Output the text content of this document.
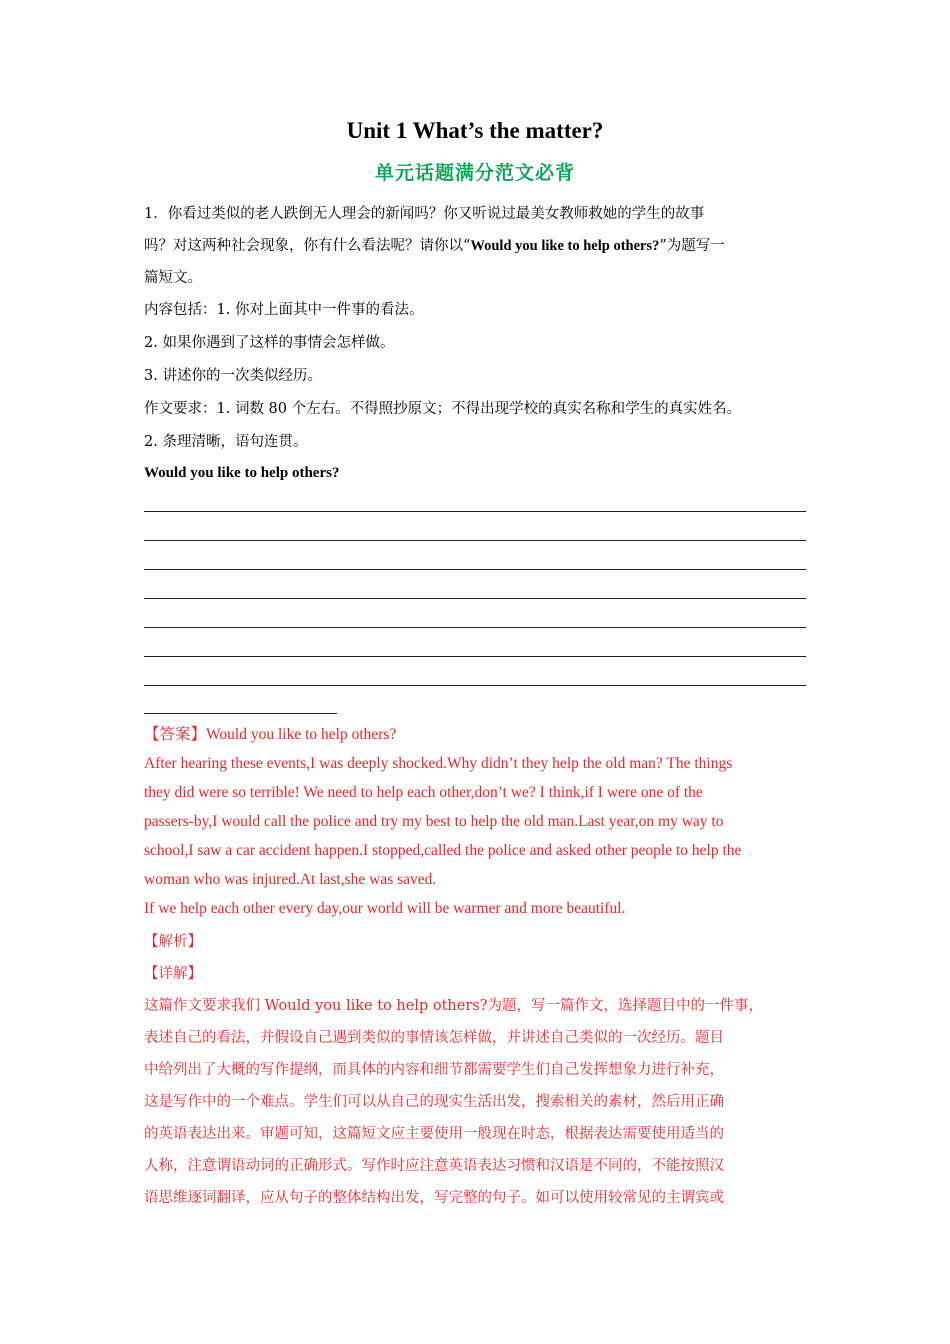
Unit 1 What’s the matter?
单元话题满分范文必背
1．你看过类似的老人跌倒无人理会的新闻吗？你又听说过最美女教师救她的学生的故事
吗？对这两种社会现象，你有什么看法呢？请你以“Would you like to help others?”为题写一
篇短文。
内容包括：1. 你对上面其中一件事的看法。
2. 如果你遇到了这样的事情会怎样做。
3. 讲述你的一次类似经历。
作文要求：1. 词数 80 个左右。不得照抄原文；不得出现学校的真实名称和学生的真实姓名。
2. 条理清晰，语句连贯。
Would you like to help others?
【答案】Would you like to help others?
After hearing these events,I was deeply shocked.Why didn’t they help the old man? The things
they did were so terrible! We need to help each other,don’t we? I think,if I were one of the
passers-by,I would call the police and try my best to help the old man.Last year,on my way to
school,I saw a car accident happen.I stopped,called the police and asked other people to help the
woman who was injured.At last,she was saved.
If we help each other every day,our world will be warmer and more beautiful.
【解析】
【详解】
这篇作文要求我们 Would you like to help others?为题，写一篇作文，选择题目中的一件事，
表述自己的看法，并假设自己遇到类似的事情该怎样做，并讲述自己类似的一次经历。题目
中给列出了大概的写作提纲，而具体的内容和细节都需要学生们自己发挥想象力进行补充，
这是写作中的一个难点。学生们可以从自己的现实生活出发，搜索相关的素材，然后用正确
的英语表达出来。审题可知，这篇短文应主要使用一般现在时态，根据表达需要使用适当的
人称，注意谓语动词的正确形式。写作时应注意英语表达习惯和汉语是不同的，不能按照汉
语思维逐词翻译，应从句子的整体结构出发，写完整的句子。如可以使用较常见的主谓宾或
